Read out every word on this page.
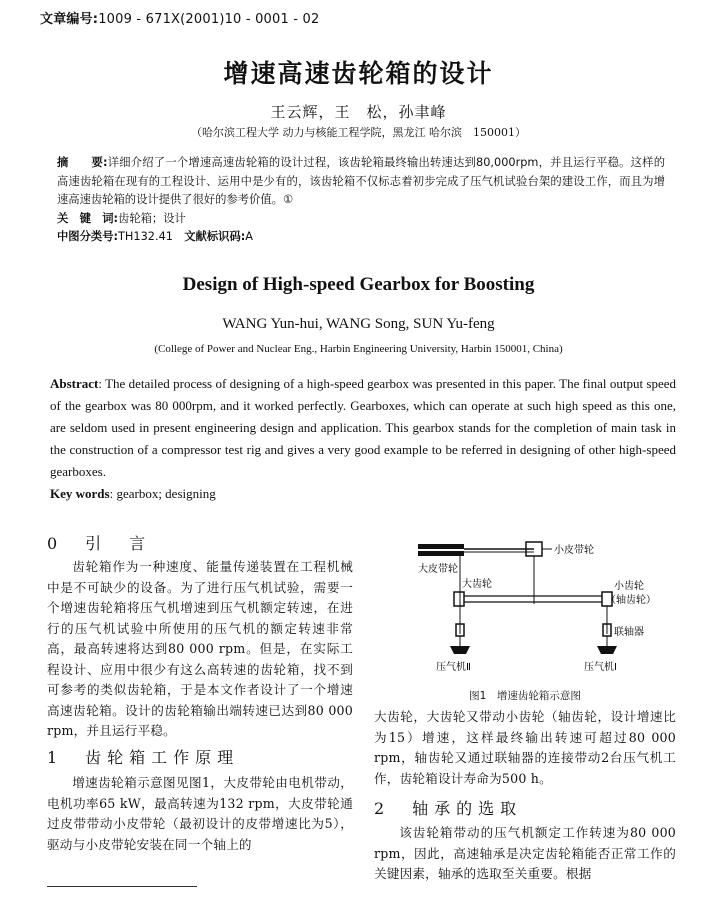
文章编号:1009 - 671X(2001)10 - 0001 - 02
增速高速齿轮箱的设计
王云辉，王　松，孙聿峰
（哈尔滨工程大学 动力与核能工程学院，黑龙江 哈尔滨　150001）

摘　　要:详细介绍了一个增速高速齿轮箱的设计过程，该齿轮箱最终输出转速达到80,000rpm，并且运行平稳。这样的高速齿轮箱在现有的工程设计、运用中是少有的，该齿轮箱不仅标志着初步完成了压气机试验台架的建设工作，而且为增速高速齿轮箱的设计提供了很好的参考价值。①

关　键　词:齿轮箱；设计

中图分类号:TH132.41  文献标识码:A

Design of High-speed Gearbox for Boosting
WANG Yun-hui, WANG Song, SUN Yu-feng
(College of Power and Nuclear Eng., Harbin Engineering University, Harbin 150001, China)

Abstract: The detailed process of designing of a high-speed gearbox was presented in this paper. The final output speed of the gearbox was 80 000rpm, and it worked perfectly. Gearboxes, which can operate at such high speed as this one, are seldom used in present engineering design and application. This gearbox stands for the completion of main task in the construction of a compressor test rig and gives a very good example to be referred in designing of other high-speed gearboxes.

Key words: gearbox; designing

0　引　言

齿轮箱作为一种速度、能量传递装置在工程机械中是不可缺少的设备。为了进行压气机试验，需要一个增速齿轮箱将压气机增速到压气机额定转速，在进行的压气机试验中所使用的压气机的额定转速非常高，最高转速将达到80 000 rpm。但是，在实际工程设计、应用中很少有这么高转速的齿轮箱，找不到可参考的类似齿轮箱，于是本文作者设计了一个增速高速齿轮箱。设计的齿轮箱输出端转速已达到80 000 rpm，并且运行平稳。

1　齿轮箱工作原理

增速齿轮箱示意图见图1，大皮带轮由电机带动，电机功率65 kW，最高转速为132 rpm，大皮带轮通过皮带带动小皮带轮（最初设计的皮带增速比为5），驱动与小皮带轮安装在同一个轴上的

小皮带轮
大皮带轮
大齿轮	小齿轮
（轴齿轮）
联轴器
压气机Ⅱ	压气机Ⅰ
图1　增速齿轮箱示意图

大齿轮，大齿轮又带动小齿轮（轴齿轮，设计增速比为15）增速，这样最终输出转速可超过80 000 rpm，轴齿轮又通过联轴器的连接带动2台压气机工作，齿轮箱设计寿命为500 h。

2　轴承的选取

该齿轮箱带动的压气机额定工作转速为80 000 rpm，因此，高速轴承是决定齿轮箱能否正常工作的关键因素，轴承的选取至关重要。根据
